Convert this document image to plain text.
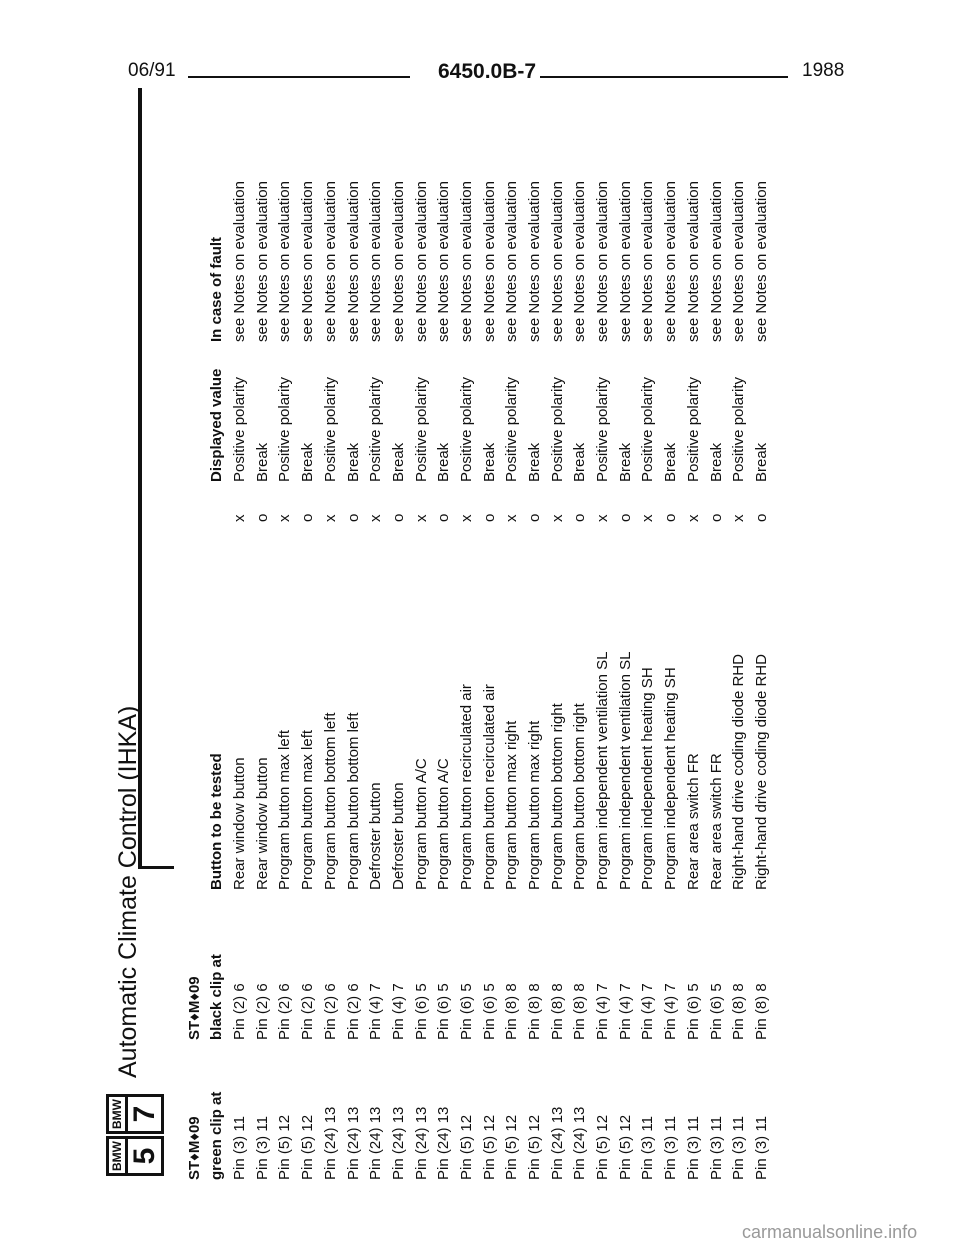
06/91	6450.0B-7	1988
BMW 5
BMW 7
Automatic Climate Control (IHKA)
ST♦M♦09	ST♦M♦09				
green clip at	black clip at	Button to be tested		Displayed value	In case of fault
Pin (3) 11	Pin (2) 6	Rear window button	x	Positive polarity	see Notes on evaluation
Pin (3) 11	Pin (2) 6	Rear window button	o	Break	see Notes on evaluation
Pin (5) 12	Pin (2) 6	Program button max left	x	Positive polarity	see Notes on evaluation
Pin (5) 12	Pin (2) 6	Program button max left	o	Break	see Notes on evaluation
Pin (24) 13	Pin (2) 6	Program button bottom left	x	Positive polarity	see Notes on evaluation
Pin (24) 13	Pin (2) 6	Program button bottom left	o	Break	see Notes on evaluation
Pin (24) 13	Pin (4) 7	Defroster button	x	Positive polarity	see Notes on evaluation
Pin (24) 13	Pin (4) 7	Defroster button	o	Break	see Notes on evaluation
Pin (24) 13	Pin (6) 5	Program button A/C	x	Positive polarity	see Notes on evaluation
Pin (24) 13	Pin (6) 5	Program button A/C	o	Break	see Notes on evaluation
Pin (5) 12	Pin (6) 5	Program button recirculated air	x	Positive polarity	see Notes on evaluation
Pin (5) 12	Pin (6) 5	Program button recirculated air	o	Break	see Notes on evaluation
Pin (5) 12	Pin (8) 8	Program button max right	x	Positive polarity	see Notes on evaluation
Pin (5) 12	Pin (8) 8	Program button max right	o	Break	see Notes on evaluation
Pin (24) 13	Pin (8) 8	Program button bottom right	x	Positive polarity	see Notes on evaluation
Pin (24) 13	Pin (8) 8	Program button bottom right	o	Break	see Notes on evaluation
Pin (5) 12	Pin (4) 7	Program independent ventilation SL	x	Positive polarity	see Notes on evaluation
Pin (5) 12	Pin (4) 7	Program independent ventilation SL	o	Break	see Notes on evaluation
Pin (3) 11	Pin (4) 7	Program independent heating SH	x	Positive polarity	see Notes on evaluation
Pin (3) 11	Pin (4) 7	Program independent heating SH	o	Break	see Notes on evaluation
Pin (3) 11	Pin (6) 5	Rear area switch FR	x	Positive polarity	see Notes on evaluation
Pin (3) 11	Pin (6) 5	Rear area switch FR	o	Break	see Notes on evaluation
Pin (3) 11	Pin (8) 8	Right-hand drive coding diode RHD	x	Positive polarity	see Notes on evaluation
Pin (3) 11	Pin (8) 8	Right-hand drive coding diode RHD	o	Break	see Notes on evaluation
carmanualsonline.info
